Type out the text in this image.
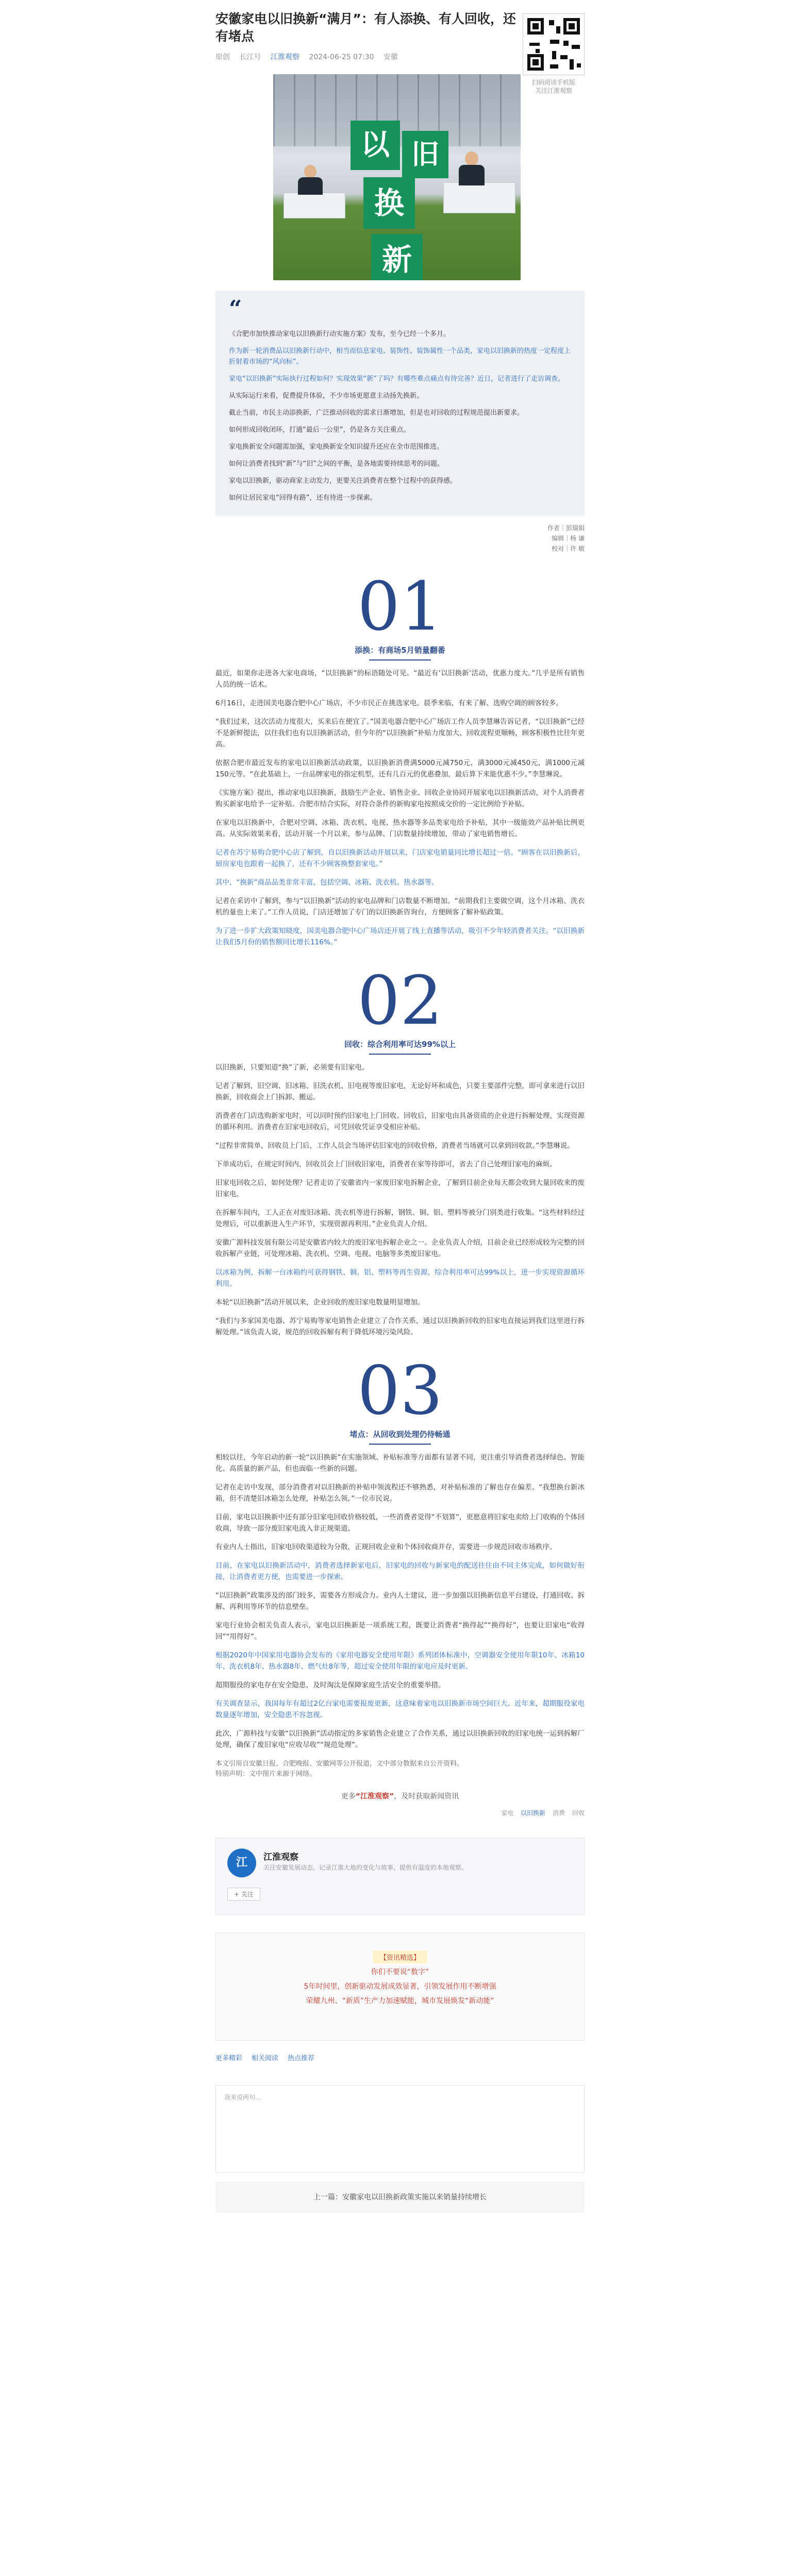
安徽家电以旧换新“满月”：有人添换、有人回收，还有堵点
原创 长江号 江淮观察 2024-06-25 07:30 安徽
扫码阅读手机版
关注江淮观察
以 旧
换
新
“

《合肥市加快推动家电以旧换新行动实施方案》发布，至今已经一个多月。

作为新一轮消费品以旧换新行动中，相当而信息家电、装饰性、装饰属性一个品类，家电以旧换新的热度一定程度上折射着市场的“风向标”。

家电“以旧换新”实际执行过程如何？实现效果“新”了吗？有哪些难点痛点有待完善？近日，记者进行了走访调查。

从实际运行来看，促费提升体验，不少市场更愿意主动扬先换新。

截止当前，市民主动添换新，广泛推动回收的需求日渐增加，但是也对回收的过程规范提出新要求。

如何形成回收闭环，打通“最后一公里”，仍是各方关注重点。

家电换新安全问题需加强，家电换新安全知识提升还应在全市范围推进。

如何让消费者找到“新”与“旧”之间的平衡，是各地需要持续思考的问题。

家电以旧换新，驱动商家主动发力，更要关注消费者在整个过程中的获得感。

如何让居民家电“回得有路”，还有待进一步探索。

作者｜彭瑞娟
编辑｜杨 谦
校对｜许 敏
01
添换：有商场5月销量翻番

最近，如果你走进各大家电商场，“以旧换新”的标语随处可见。“最近有‘以旧换新’活动，优惠力度大。”几乎是所有销售人员的统一话术。

6月16日，走进国美电器合肥中心广场店，不少市民正在挑选家电。晨季来临，有来了解、选购空调的顾客较多。

“我们过来，这次活动力度很大，买来后在便宜了。”国美电器合肥中心广场店工作人员李慧琳告诉记者，“以旧换新”已经不是新鲜提法，以往我们也有以旧换新活动，但今年的“以旧换新”补贴力度加大、回收流程更顺畅，顾客积极性比往年更高。

依据合肥市最近发布的家电以旧换新活动政策，以旧换新消费满5000元减750元，满3000元减450元，满1000元减150元等。“在此基础上，一台品牌家电的指定机型，还有几百元的优惠叠加，最后算下来能优惠不少。”李慧琳说。

《实施方案》提出，推动家电以旧换新，鼓励生产企业、销售企业、回收企业协同开展家电以旧换新活动，对个人消费者购买新家电给予一定补贴。合肥市结合实际，对符合条件的新购家电按照成交价的一定比例给予补贴。

在家电以旧换新中，合肥对空调、冰箱、洗衣机、电视、热水器等多品类家电给予补贴，其中一级能效产品补贴比例更高。从实际效果来看，活动开展一个月以来，参与品牌、门店数量持续增加，带动了家电销售增长。

记者在苏宁易购合肥中心店了解到，自以旧换新活动开展以来，门店家电销量同比增长超过一倍。“顾客在以旧换新后，厨房家电也跟着一起换了，还有不少顾客换整套家电。”

其中，“换新”商品品类非常丰富，包括空调、冰箱、洗衣机、热水器等。

记者在采访中了解到，参与“以旧换新”活动的家电品牌和门店数量不断增加。“前期我们主要做空调，这个月冰箱、洗衣机的量也上来了。”工作人员说，门店还增加了专门的以旧换新咨询台，方便顾客了解补贴政策。

为了进一步扩大政策知晓度，国美电器合肥中心广场店还开展了线上直播等活动，吸引不少年轻消费者关注。“以旧换新让我们5月份的销售额同比增长116%。”

02
回收：综合利用率可达99%以上

以旧换新，只要知道“换”了新，必须要有旧家电。

记者了解到，旧空调、旧冰箱、旧洗衣机、旧电视等废旧家电，无论好坏和成色，只要主要部件完整，即可拿来进行以旧换新，回收商会上门拆卸、搬运。

消费者在门店选购新家电时，可以同时预约旧家电上门回收。回收后，旧家电由具备资质的企业进行拆解处理，实现资源的循环利用。消费者在旧家电回收后，可凭回收凭证享受相应补贴。

“过程非常简单，回收员上门后，工作人员会当场评估旧家电的回收价格，消费者当场就可以拿到回收款。”李慧琳说。

下单成功后，在规定时间内，回收员会上门回收旧家电，消费者在家等待即可，省去了自己处理旧家电的麻烦。

旧家电回收之后，如何处理？记者走访了安徽省内一家废旧家电拆解企业，了解到目前企业每天都会收到大量回收来的废旧家电。

在拆解车间内，工人正在对废旧冰箱、洗衣机等进行拆解，钢铁、铜、铝、塑料等被分门别类进行收集。“这些材料经过处理后，可以重新进入生产环节，实现资源再利用。”企业负责人介绍。

安徽广源科技发展有限公司是安徽省内较大的废旧家电拆解企业之一。企业负责人介绍，目前企业已经形成较为完整的回收拆解产业链，可处理冰箱、洗衣机、空调、电视、电脑等多类废旧家电。

以冰箱为例，拆解一台冰箱约可获得钢铁、铜、铝、塑料等再生资源，综合利用率可达99%以上，进一步实现资源循环利用。

本轮“以旧换新”活动开展以来，企业回收的废旧家电数量明显增加。

“我们与多家国美电器、苏宁易购等家电销售企业建立了合作关系，通过以旧换新回收的旧家电直接运到我们这里进行拆解处理。”该负责人说，规范的回收拆解有利于降低环境污染风险。

03
堵点：从回收到处理仍待畅通

相较以往，今年启动的新一轮“以旧换新”在实施领域、补贴标准等方面都有显著不同，更注重引导消费者选择绿色、智能化、高质量的新产品，但也面临一些新的问题。

记者在走访中发现，部分消费者对以旧换新的补贴申领流程还不够熟悉，对补贴标准的了解也存在偏差。“我想换台新冰箱，但不清楚旧冰箱怎么处理，补贴怎么领。”一位市民说。

目前，家电以旧换新中还有部分旧家电回收价格较低，一些消费者觉得“不划算”，更愿意将旧家电卖给上门收购的个体回收商，导致一部分废旧家电流入非正规渠道。

有业内人士指出，旧家电回收渠道较为分散，正规回收企业和个体回收商并存，需要进一步规范回收市场秩序。

目前，在家电以旧换新活动中，消费者选择新家电后，旧家电的回收与新家电的配送往往由不同主体完成，如何做好衔接，让消费者更方便，也需要进一步探索。

“以旧换新”政策涉及的部门较多，需要各方形成合力。业内人士建议，进一步加强以旧换新信息平台建设，打通回收、拆解、再利用等环节的信息壁垒。

家电行业协会相关负责人表示，家电以旧换新是一项系统工程，既要让消费者“换得起”“换得好”，也要让旧家电“收得回”“用得好”。

根据2020年中国家用电器协会发布的《家用电器安全使用年限》系列团体标准中，空调器安全使用年限10年、冰箱10年、洗衣机8年、热水器8年、燃气灶8年等，超过安全使用年限的家电应及时更新。

超期服役的家电存在安全隐患，及时淘汰是保障家庭生活安全的重要举措。

有关调查显示，我国每年有超过2亿台家电需要报废更新，这意味着家电以旧换新市场空间巨大。近年来，超期服役家电数量逐年增加，安全隐患不容忽视。

此次，广源科技与安徽“以旧换新”活动指定的多家销售企业建立了合作关系，通过以旧换新回收的旧家电统一运到拆解厂处理，确保了废旧家电“应收尽收”“规范处理”。

本文引用自安徽日报、合肥晚报、安徽网等公开报道，文中部分数据来自公开资料。
特别声明：文中图片来源于网络。
更多“江淮观察”，及时获取新闻资讯
家电 以旧换新 消费 回收
江	江淮观察
关注安徽发展动态，记录江淮大地的变化与故事，提供有温度的本地观察。
+ 关注
【资讯精选】
你们不要说“数字”
5年时间里，创新驱动发展成效显著，引领发展作用不断增强
荣耀九州、“新质”生产力加速赋能，城市发展焕发“新动能”
更多精彩 相关阅读 热点推荐
我来说两句...
上一篇：安徽家电以旧换新政策实施以来销量持续增长
